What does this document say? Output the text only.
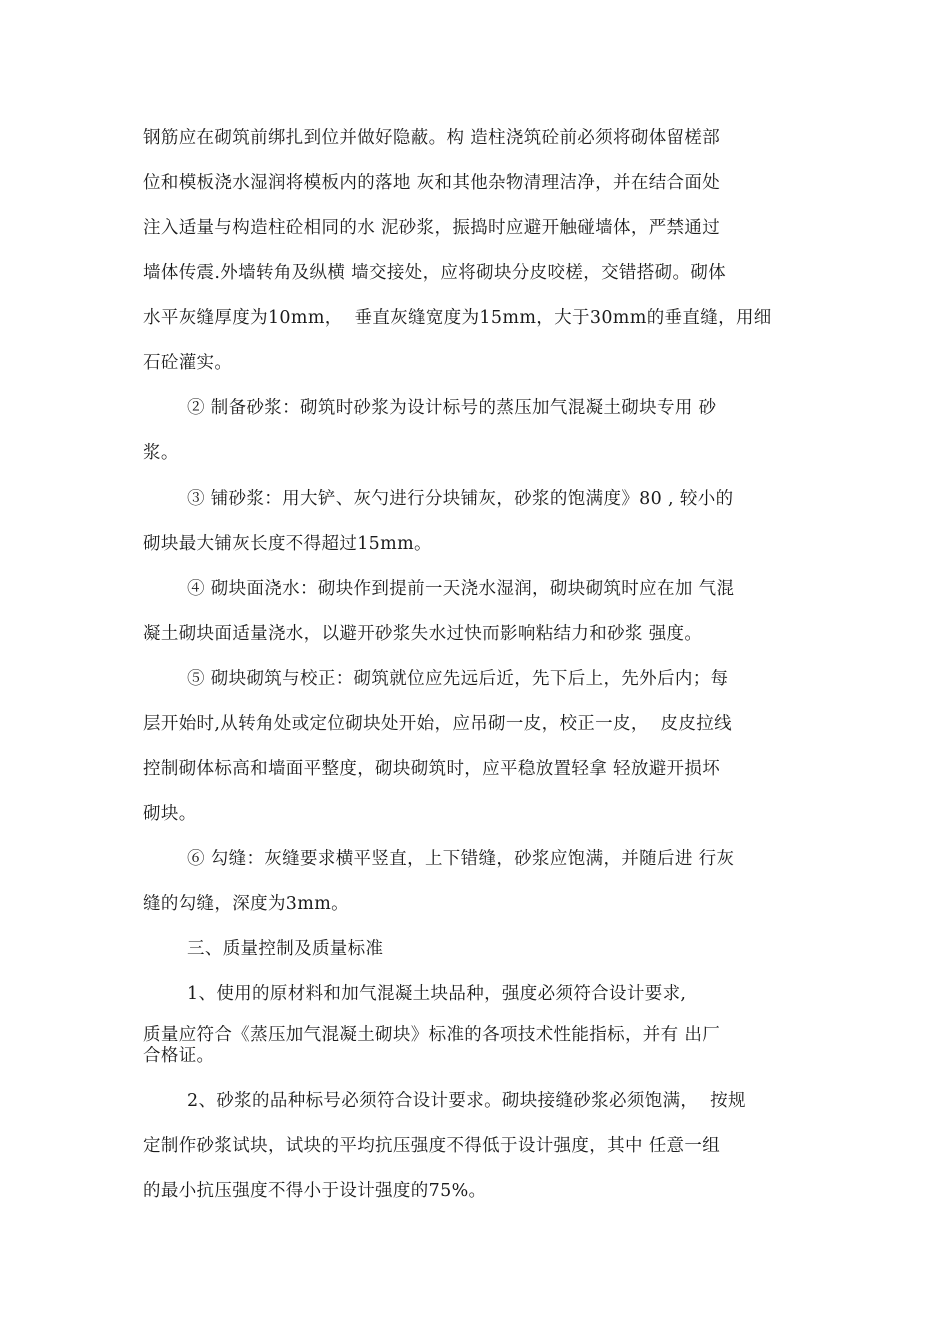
钢筋应在砌筑前绑扎到位并做好隐蔽。构 造柱浇筑砼前必须将砌体留槎部
位和模板浇水湿润将模板内的落地 灰和其他杂物清理洁净，并在结合面处
注入适量与构造柱砼相同的水 泥砂浆，振捣时应避开触碰墙体，严禁通过
墙体传震.外墙转角及纵横 墙交接处，应将砌块分皮咬槎，交错搭砌。砌体
水平灰缝厚度为10mm，  垂直灰缝宽度为15mm，大于30mm的垂直缝，用细
石砼灌实。
② 制备砂浆：砌筑时砂浆为设计标号的蒸压加气混凝土砌块专用 砂
浆。
③ 铺砂浆：用大铲、灰勺进行分块铺灰，砂浆的饱满度》80 , 较小的
砌块最大铺灰长度不得超过15mm。
④ 砌块面浇水：砌块作到提前一天浇水湿润，砌块砌筑时应在加 气混
凝土砌块面适量浇水，以避开砂浆失水过快而影响粘结力和砂浆 强度。
⑤ 砌块砌筑与校正：砌筑就位应先远后近，先下后上，先外后内；每
层开始时,从转角处或定位砌块处开始，应吊砌一皮，校正一皮，  皮皮拉线
控制砌体标高和墙面平整度，砌块砌筑时，应平稳放置轻拿 轻放避开损坏
砌块。
⑥ 勾缝：灰缝要求横平竖直，上下错缝，砂浆应饱满，并随后进 行灰
缝的勾缝，深度为3mm。
三、质量控制及质量标准
1、使用的原材料和加气混凝土块品种，强度必须符合设计要求,
质量应符合《蒸压加气混凝土砌块》标准的各项技术性能指标，并有 出厂
合格证。
2、砂浆的品种标号必须符合设计要求。砌块接缝砂浆必须饱满，  按规
定制作砂浆试块，试块的平均抗压强度不得低于设计强度，其中 任意一组
的最小抗压强度不得小于设计强度的75%。
